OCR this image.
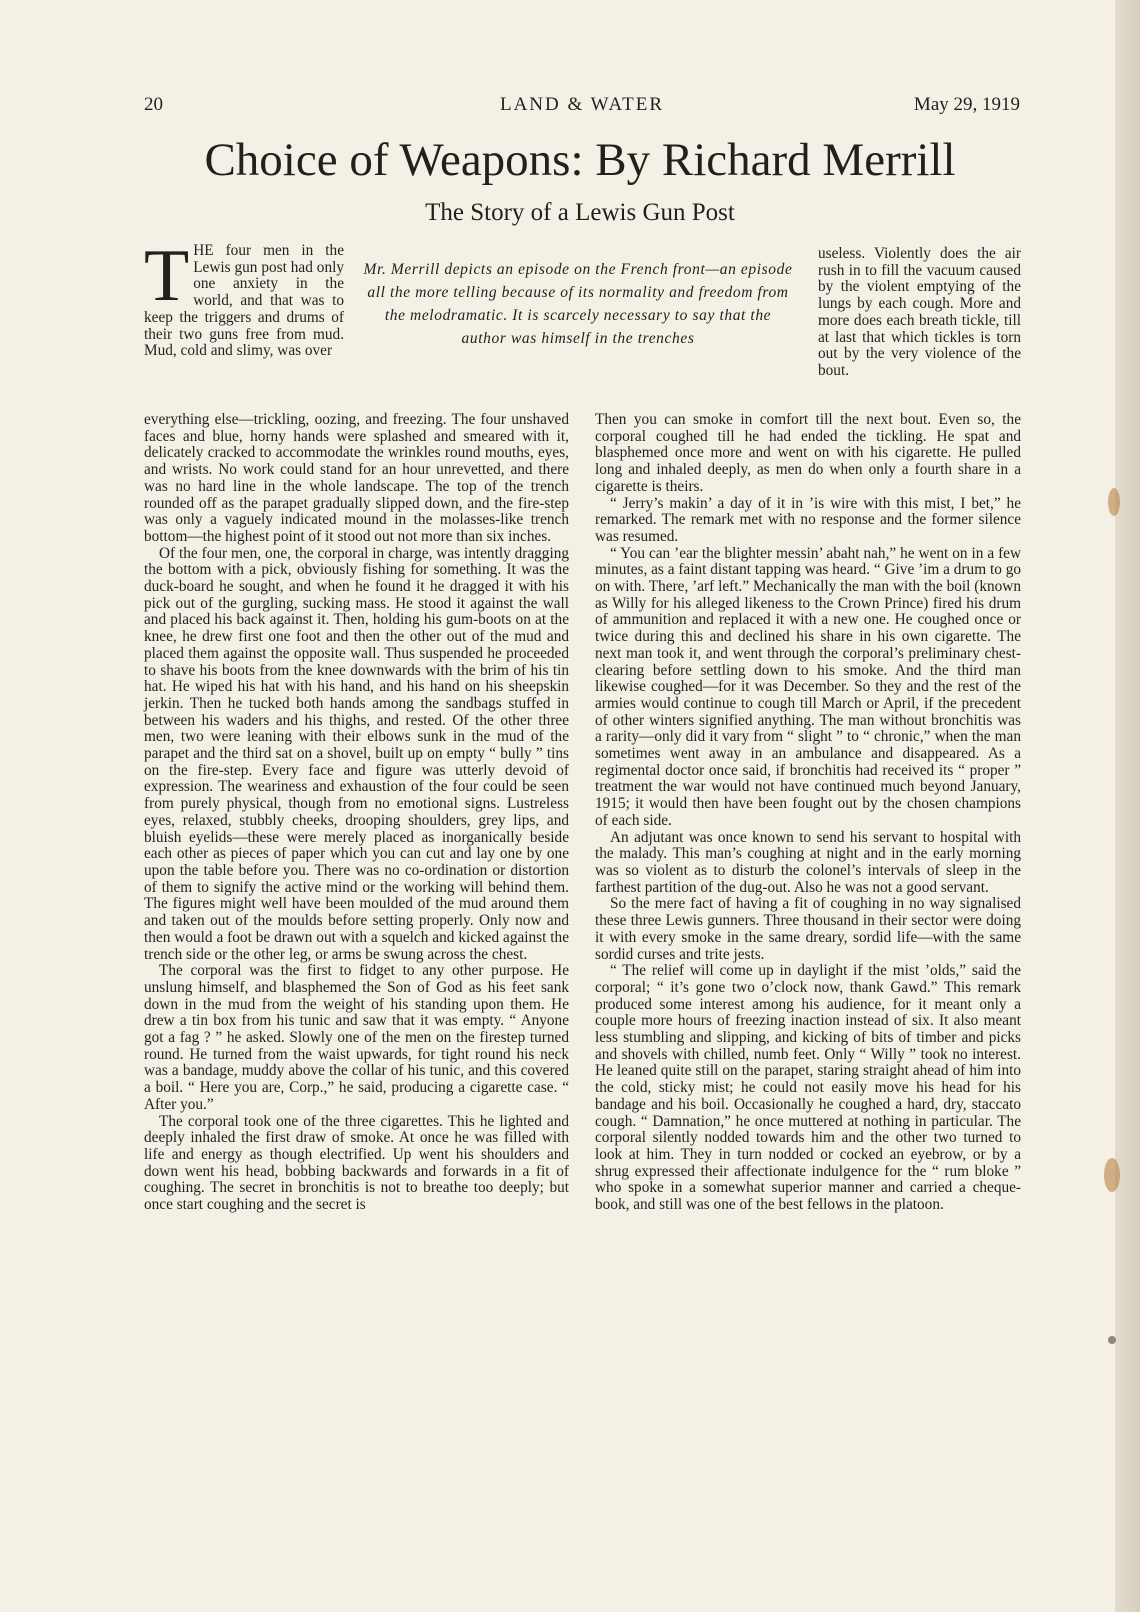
20	LAND & WATER	May 29, 1919
Choice of Weapons: By Richard Merrill
The Story of a Lewis Gun Post
T HE four men in the Lewis gun post had only one anxiety in the world, and that was to keep the triggers and drums of their two guns free from mud. Mud, cold and slimy, was over

Mr. Merrill depicts an episode on the French front—an episode all the more telling because of its normality and freedom from the melodramatic. It is scarcely necessary to say that the author was himself in the trenches

useless. Violently does the air rush in to fill the vacuum caused by the violent emptying of the lungs by each cough. More and more does each breath tickle, till at last that which tickles is torn out by the very violence of the bout.

everything else—trickling, oozing, and freezing. The four unshaved faces and blue, horny hands were splashed and smeared with it, delicately cracked to accommodate the wrinkles round mouths, eyes, and wrists. No work could stand for an hour unrevetted, and there was no hard line in the whole landscape. The top of the trench rounded off as the parapet gradually slipped down, and the fire-step was only a vaguely indicated mound in the molasses-like trench bottom—the highest point of it stood out not more than six inches.

Of the four men, one, the corporal in charge, was intently dragging the bottom with a pick, obviously fishing for something. It was the duck-board he sought, and when he found it he dragged it with his pick out of the gurgling, sucking mass. He stood it against the wall and placed his back against it. Then, holding his gum-boots on at the knee, he drew first one foot and then the other out of the mud and placed them against the opposite wall. Thus suspended he proceeded to shave his boots from the knee downwards with the brim of his tin hat. He wiped his hat with his hand, and his hand on his sheepskin jerkin. Then he tucked both hands among the sandbags stuffed in between his waders and his thighs, and rested. Of the other three men, two were leaning with their elbows sunk in the mud of the parapet and the third sat on a shovel, built up on empty “ bully ” tins on the fire-step. Every face and figure was utterly devoid of expression. The weariness and exhaustion of the four could be seen from purely physical, though from no emotional signs. Lustreless eyes, relaxed, stubbly cheeks, drooping shoulders, grey lips, and bluish eyelids—these were merely placed as inorganically beside each other as pieces of paper which you can cut and lay one by one upon the table before you. There was no co-ordination or distortion of them to signify the active mind or the working will behind them. The figures might well have been moulded of the mud around them and taken out of the moulds before setting properly. Only now and then would a foot be drawn out with a squelch and kicked against the trench side or the other leg, or arms be swung across the chest.

The corporal was the first to fidget to any other purpose. He unslung himself, and blasphemed the Son of God as his feet sank down in the mud from the weight of his standing upon them. He drew a tin box from his tunic and saw that it was empty. “ Anyone got a fag ? ” he asked. Slowly one of the men on the firestep turned round. He turned from the waist upwards, for tight round his neck was a bandage, muddy above the collar of his tunic, and this covered a boil. “ Here you are, Corp.,” he said, producing a cigarette case. “ After you.”

The corporal took one of the three cigarettes. This he lighted and deeply inhaled the first draw of smoke. At once he was filled with life and energy as though electrified. Up went his shoulders and down went his head, bobbing backwards and forwards in a fit of coughing. The secret in bronchitis is not to breathe too deeply; but once start coughing and the secret is

Then you can smoke in comfort till the next bout. Even so, the corporal coughed till he had ended the tickling. He spat and blasphemed once more and went on with his cigarette. He pulled long and inhaled deeply, as men do when only a fourth share in a cigarette is theirs.

“ Jerry’s makin’ a day of it in ’is wire with this mist, I bet,” he remarked. The remark met with no response and the former silence was resumed.

“ You can ’ear the blighter messin’ abaht nah,” he went on in a few minutes, as a faint distant tapping was heard. “ Give ’im a drum to go on with. There, ’arf left.” Mechanically the man with the boil (known as Willy for his alleged likeness to the Crown Prince) fired his drum of ammunition and replaced it with a new one. He coughed once or twice during this and declined his share in his own cigarette. The next man took it, and went through the corporal’s preliminary chest-clearing before settling down to his smoke. And the third man likewise coughed—for it was December. So they and the rest of the armies would continue to cough till March or April, if the precedent of other winters signified anything. The man without bronchitis was a rarity—only did it vary from “ slight ” to “ chronic,” when the man sometimes went away in an ambulance and disappeared. As a regimental doctor once said, if bronchitis had received its “ proper ” treatment the war would not have continued much beyond January, 1915; it would then have been fought out by the chosen champions of each side.

An adjutant was once known to send his servant to hospital with the malady. This man’s coughing at night and in the early morning was so violent as to disturb the colonel’s intervals of sleep in the farthest partition of the dug-out. Also he was not a good servant.

So the mere fact of having a fit of coughing in no way signalised these three Lewis gunners. Three thousand in their sector were doing it with every smoke in the same dreary, sordid life—with the same sordid curses and trite jests.

“ The relief will come up in daylight if the mist ’olds,” said the corporal; “ it’s gone two o’clock now, thank Gawd.” This remark produced some interest among his audience, for it meant only a couple more hours of freezing inaction instead of six. It also meant less stumbling and slipping, and kicking of bits of timber and picks and shovels with chilled, numb feet. Only “ Willy ” took no interest. He leaned quite still on the parapet, staring straight ahead of him into the cold, sticky mist; he could not easily move his head for his bandage and his boil. Occasionally he coughed a hard, dry, staccato cough. “ Damnation,” he once muttered at nothing in particular. The corporal silently nodded towards him and the other two turned to look at him. They in turn nodded or cocked an eyebrow, or by a shrug expressed their affectionate indulgence for the “ rum bloke ” who spoke in a somewhat superior manner and carried a cheque-book, and still was one of the best fellows in the platoon.
